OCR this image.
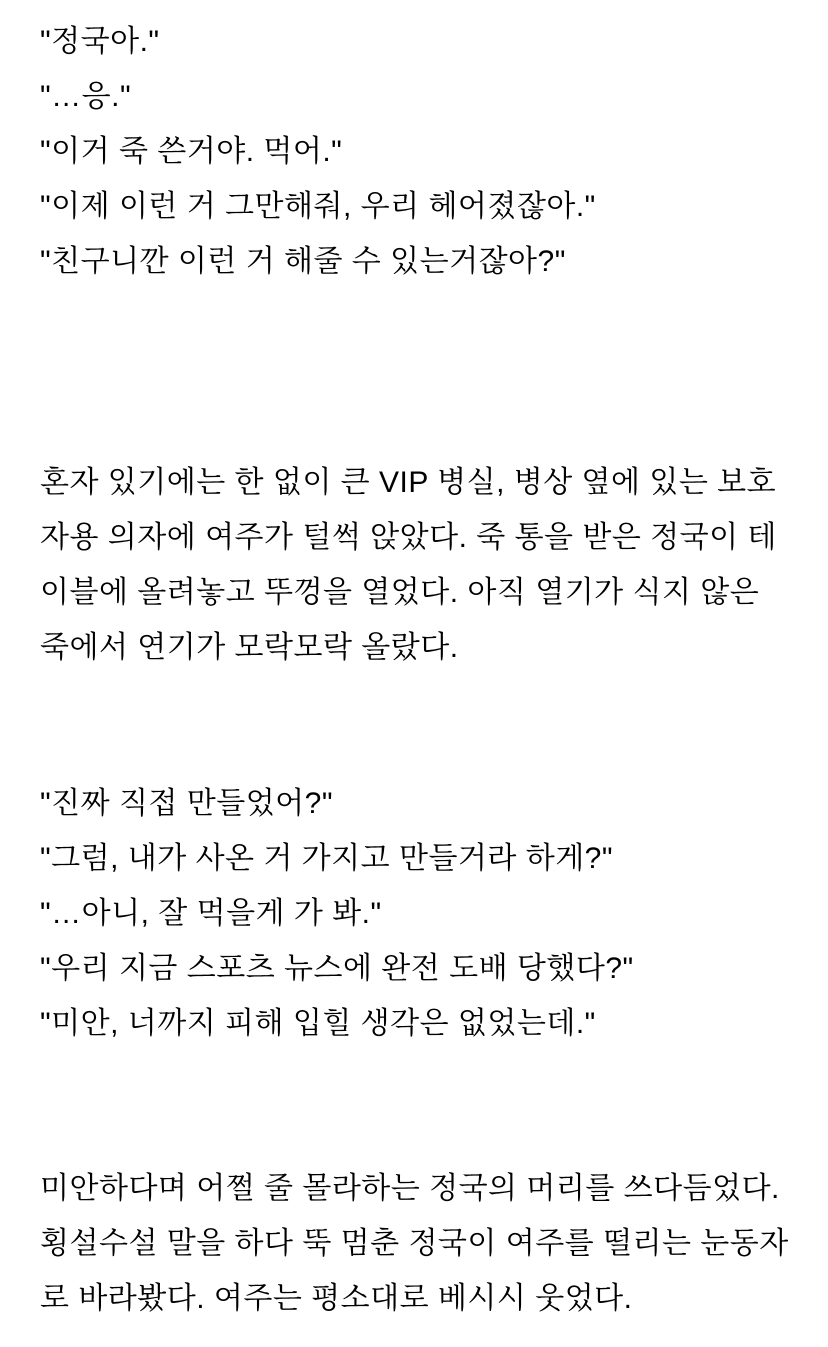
"정국아."
"…응."
"이거 죽 쓴거야. 먹어."
"이제 이런 거 그만해줘, 우리 헤어졌잖아."
"친구니깐 이런 거 해줄 수 있는거잖아?"
혼자 있기에는 한 없이 큰 VIP 병실, 병상 옆에 있는 보호자용 의자에 여주가 털썩 앉았다. 죽 통을 받은 정국이 테이블에 올려놓고 뚜껑을 열었다. 아직 열기가 식지 않은 죽에서 연기가 모락모락 올랐다.
"진짜 직접 만들었어?"
"그럼, 내가 사온 거 가지고 만들거라 하게?"
"…아니, 잘 먹을게 가 봐."
"우리 지금 스포츠 뉴스에 완전 도배 당했다?"
"미안, 너까지 피해 입힐 생각은 없었는데."
미안하다며 어쩔 줄 몰라하는 정국의 머리를 쓰다듬었다. 횡설수설 말을 하다 뚝 멈춘 정국이 여주를 떨리는 눈동자로 바라봤다. 여주는 평소대로 베시시 웃었다.
